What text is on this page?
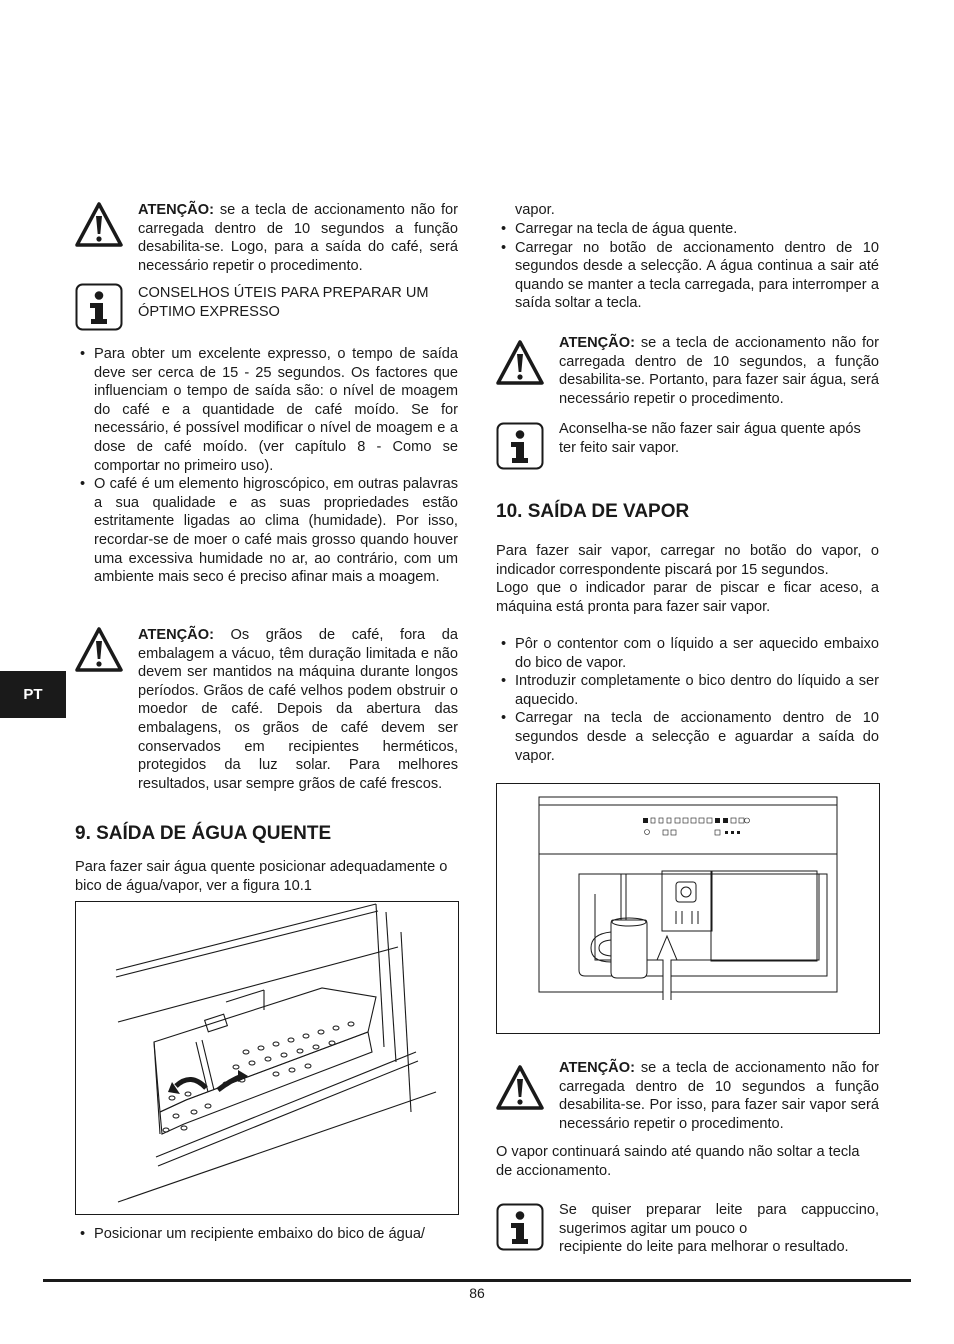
ATENÇÃO: se a tecla de accionamento não for carregada dentro de 10 segundos a função desabilita-se. Logo, para a saída do café, será necessário repetir o procedimento.
CONSELHOS ÚTEIS PARA PREPARAR UM ÓPTIMO EXPRESSO
• Para obter um excelente expresso, o tempo de saída deve ser cerca de 15 - 25 segundos. Os factores que influenciam o tempo de saída são: o nível de moagem do café e a quantidade de café moído. Se for necessário, é possível modificar o nível de moagem e a dose de café moído. (ver capítulo 8 - Como se comportar no primeiro uso).
• O café é um elemento higroscópico, em outras palavras a sua qualidade e as suas propriedades estão estritamente ligadas ao clima (humidade). Por isso, recordar-se de moer o café mais grosso quando houver uma excessiva humidade no ar, ao contrário, com um ambiente mais seco é preciso afinar mais a moagem.
ATENÇÃO: Os grãos de café, fora da embalagem a vácuo, têm duração limitada e não devem ser mantidos na máquina durante longos períodos. Grãos de café velhos podem obstruir o moedor de café. Depois da abertura das embalagens, os grãos de café devem ser conservados em recipientes herméticos, protegidos da luz solar. Para melhores resultados, usar sempre grãos de café frescos.
9. SAÍDA DE ÁGUA QUENTE
Para fazer sair água quente posicionar adequadamente o bico de água/vapor, ver a figura 10.1
• Posicionar um recipiente embaixo do bico de água/
vapor.
• Carregar na tecla de água quente.
• Carregar no botão de accionamento dentro de 10 segundos desde a selecção. A água continua a sair até quando se manter a tecla carregada, para interromper a saída soltar a tecla.
ATENÇÃO: se a tecla de accionamento não for carregada dentro de 10 segundos, a função desabilita-se. Portanto, para fazer sair água, será necessário repetir o procedimento.
Aconselha-se não fazer sair água quente após ter feito sair vapor.
10. SAÍDA DE VAPOR
Para fazer sair vapor, carregar no botão do vapor, o indicador correspondente piscará por 15 segundos.
Logo que o indicador parar de piscar e ficar aceso, a máquina está pronta para fazer sair vapor.
• Pôr o contentor com o líquido a ser aquecido embaixo do bico de vapor.
• Introduzir completamente o bico dentro do líquido a ser aquecido.
• Carregar na tecla de accionamento dentro de 10 segundos desde a selecção e aguardar a saída do vapor.
ATENÇÃO: se a tecla de accionamento não for carregada dentro de 10 segundos a função desabilita-se. Por isso, para fazer sair vapor será necessário repetir o procedimento.
O vapor continuará saindo até quando não soltar a tecla de accionamento.
Se quiser preparar leite para cappuccino, sugerimos agitar um pouco o
recipiente do leite para melhorar o resultado.
PT
86
